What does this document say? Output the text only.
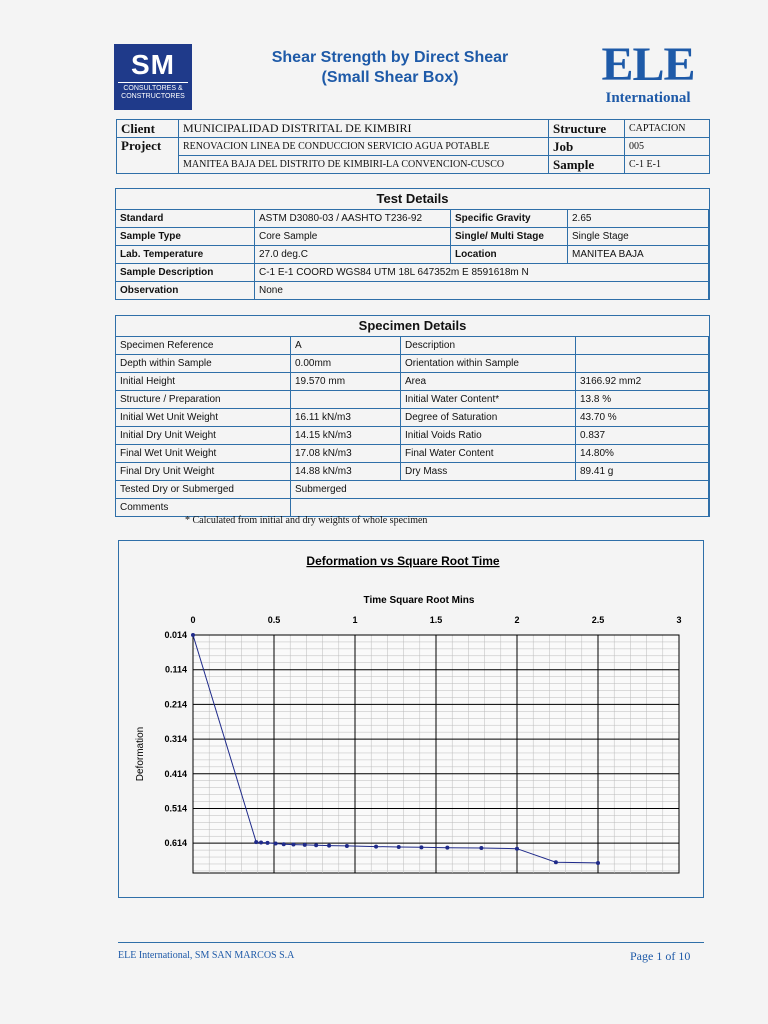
SM
CONSULTORES & CONSTRUCTORES
Shear Strength by Direct Shear
(Small Shear Box)	ELE
International
Client	MUNICIPALIDAD DISTRITAL DE KIMBIRI	Structure	CAPTACION
Project	RENOVACION LINEA DE CONDUCCION SERVICIO AGUA POTABLE	Job	005
	MANITEA BAJA DEL DISTRITO DE KIMBIRI-LA CONVENCION-CUSCO	Sample	C-1 E-1
Test Details
Standard	ASTM D3080-03 / AASHTO T236-92	Specific Gravity	2.65
Sample Type	Core Sample	Single/ Multi Stage	Single Stage
Lab. Temperature	27.0 deg.C	Location	MANITEA BAJA
Sample Description	C-1 E-1 COORD WGS84 UTM 18L 647352m E 8591618m N		
Observation	None		
Specimen Details
Specimen Reference	A	Description	
Depth within Sample	0.00mm	Orientation within Sample	
Initial Height	19.570 mm	Area	3166.92 mm2
Structure / Preparation		Initial Water Content*	13.8 %
Initial Wet Unit Weight	16.11 kN/m3	Degree of Saturation	43.70 %
Initial Dry Unit Weight	14.15 kN/m3	Initial Voids Ratio	0.837
Final Wet Unit Weight	17.08 kN/m3	Final Water Content	14.80%
Final Dry Unit Weight	14.88 kN/m3	Dry Mass	89.41 g
Tested Dry or Submerged	Submerged		
Comments			
* Calculated from initial and dry weights of whole specimen
0	0.5	1	1.5	2	2.5	3
0.014
0.114
0.214
0.314
0.414
0.514
0.614
Deformation vs Square Root Time
Time Square Root Mins
Deformation
ELE International, SM SAN MARCOS S.A	Page 1 of 10
